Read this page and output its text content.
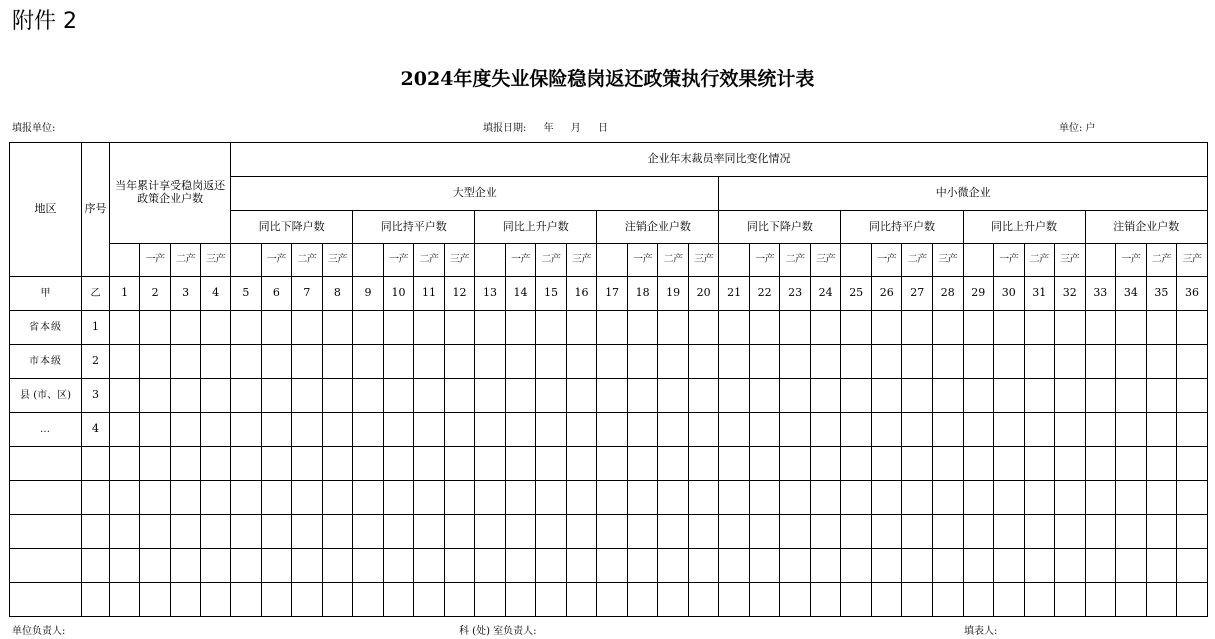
附件 2
2024年度失业保险稳岗返还政策执行效果统计表
填报单位:	填报日期: 年 月 日	单位: 户
地区	序号	当年累计享受稳岗返还政策企业户数				企业年末裁员率同比变化情况																															
						大型企业																中小微企业															
						同比下降户数				同比持平户数				同比上升户数				注销企业户数				同比下降户数				同比持平户数				同比上升户数				注销企业户数			
			一产	二产	三产		一产	二产	三产		一产	二产	三产		一产	二产	三产		一产	二产	三产		一产	二产	三产		一产	二产	三产		一产	二产	三产		一产	二产	三产
甲	乙	1	2	3	4	5	6	7	8	9	10	11	12	13	14	15	16	17	18	19	20	21	22	23	24	25	26	27	28	29	30	31	32	33	34	35	36
省本级	1																																				
市本级	2																																				
县 (市、区)	3																																				
…	4																																				

单位负责人:	科 (处) 室负责人:	填表人:
